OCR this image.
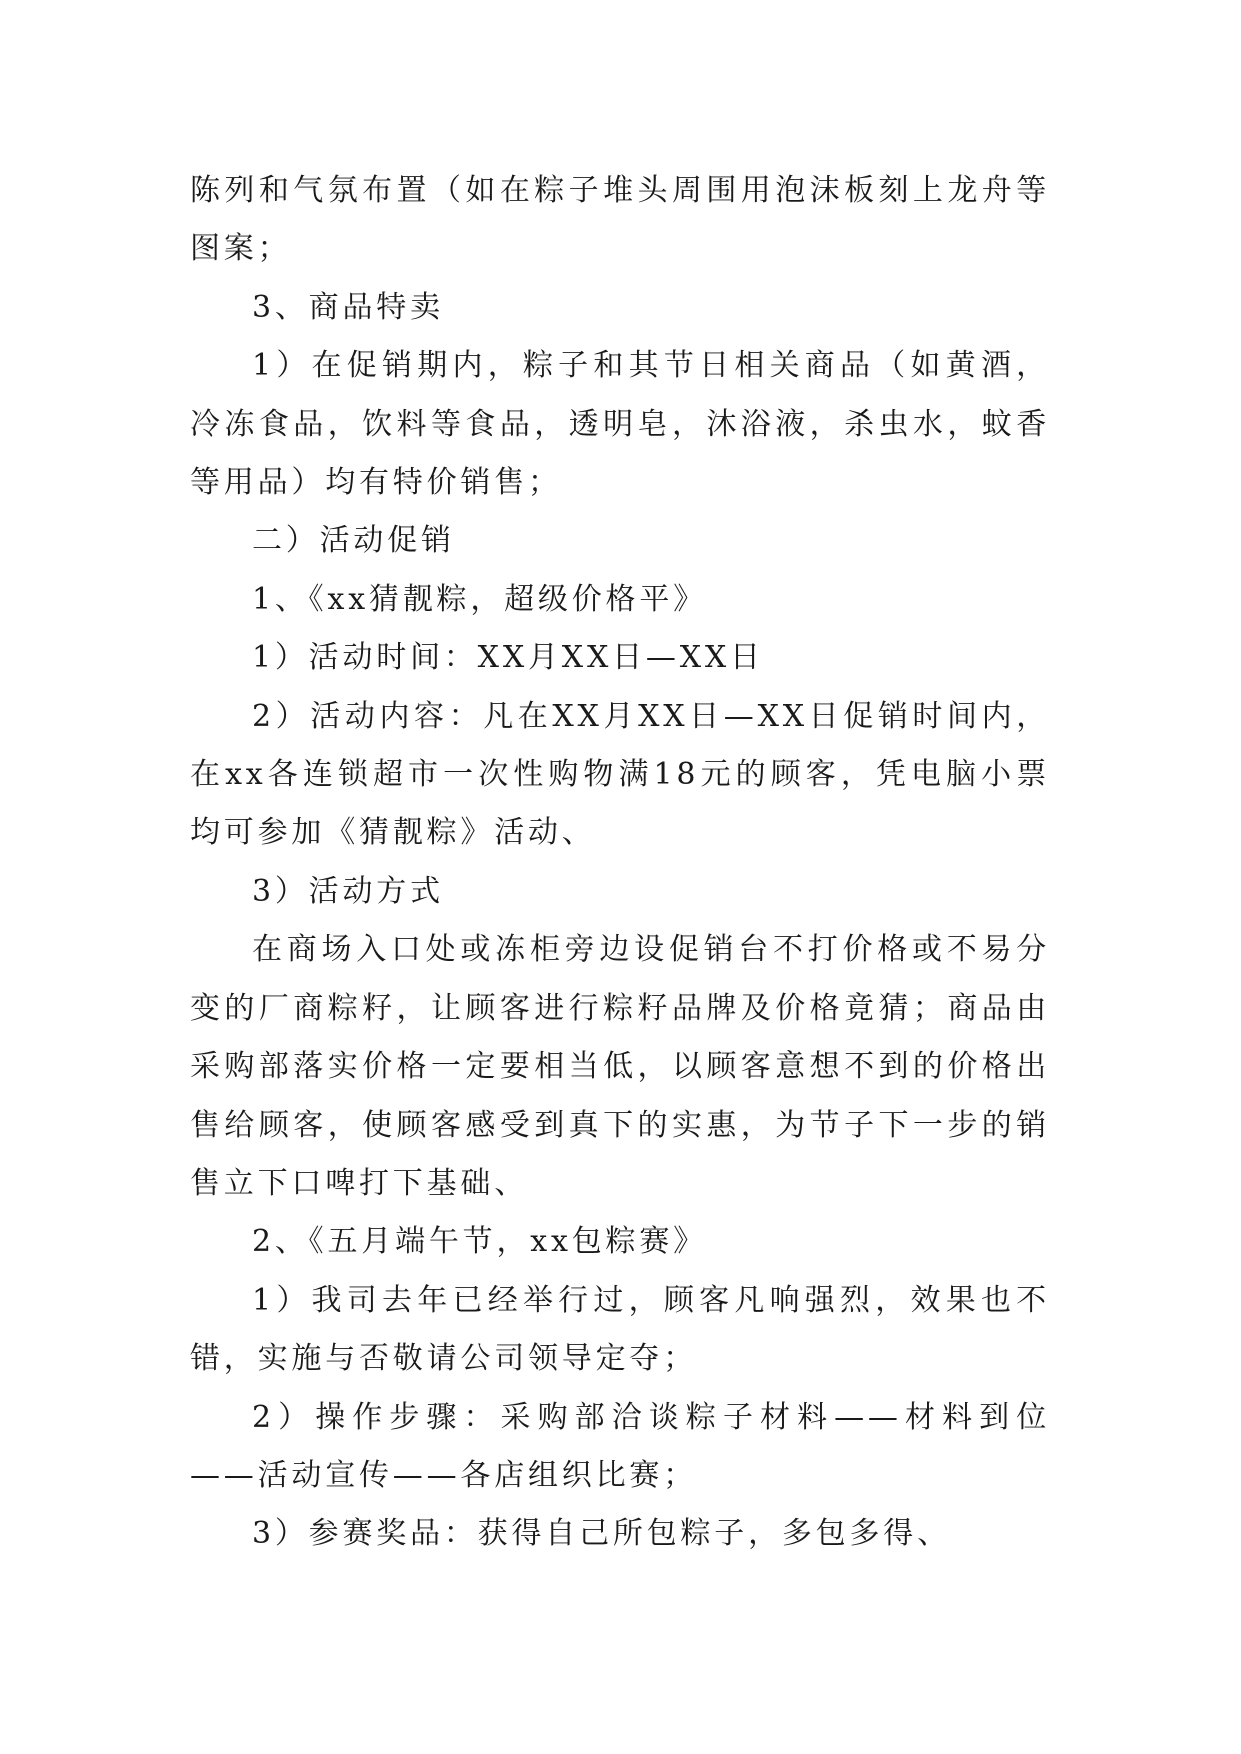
陈列和气氛布置（如在粽子堆头周围用泡沫板刻上龙舟等图案；

3、商品特卖

1）在促销期内，粽子和其节日相关商品（如黄酒，冷冻食品，饮料等食品，透明皂，沐浴液，杀虫水，蚊香等用品）均有特价销售；

二）活动促销

1、《xx猜靓粽，超级价格平》

1）活动时间：XX月XX日—XX日

2）活动内容：凡在XX月XX日—XX日促销时间内，在xx各连锁超市一次性购物满18元的顾客，凭电脑小票均可参加《猜靓粽》活动、

3）活动方式

在商场入口处或冻柜旁边设促销台不打价格或不易分变的厂商粽籽，让顾客进行粽籽品牌及价格竟猜；商品由采购部落实价格一定要相当低，以顾客意想不到的价格出售给顾客，使顾客感受到真下的实惠，为节子下一步的销售立下口啤打下基础、

2、《五月端午节，xx包粽赛》

1）我司去年已经举行过，顾客凡响强烈，效果也不错，实施与否敬请公司领导定夺；

2）操作步骤：采购部洽谈粽子材料——材料到位——活动宣传——各店组织比赛；

3）参赛奖品：获得自己所包粽子，多包多得、
